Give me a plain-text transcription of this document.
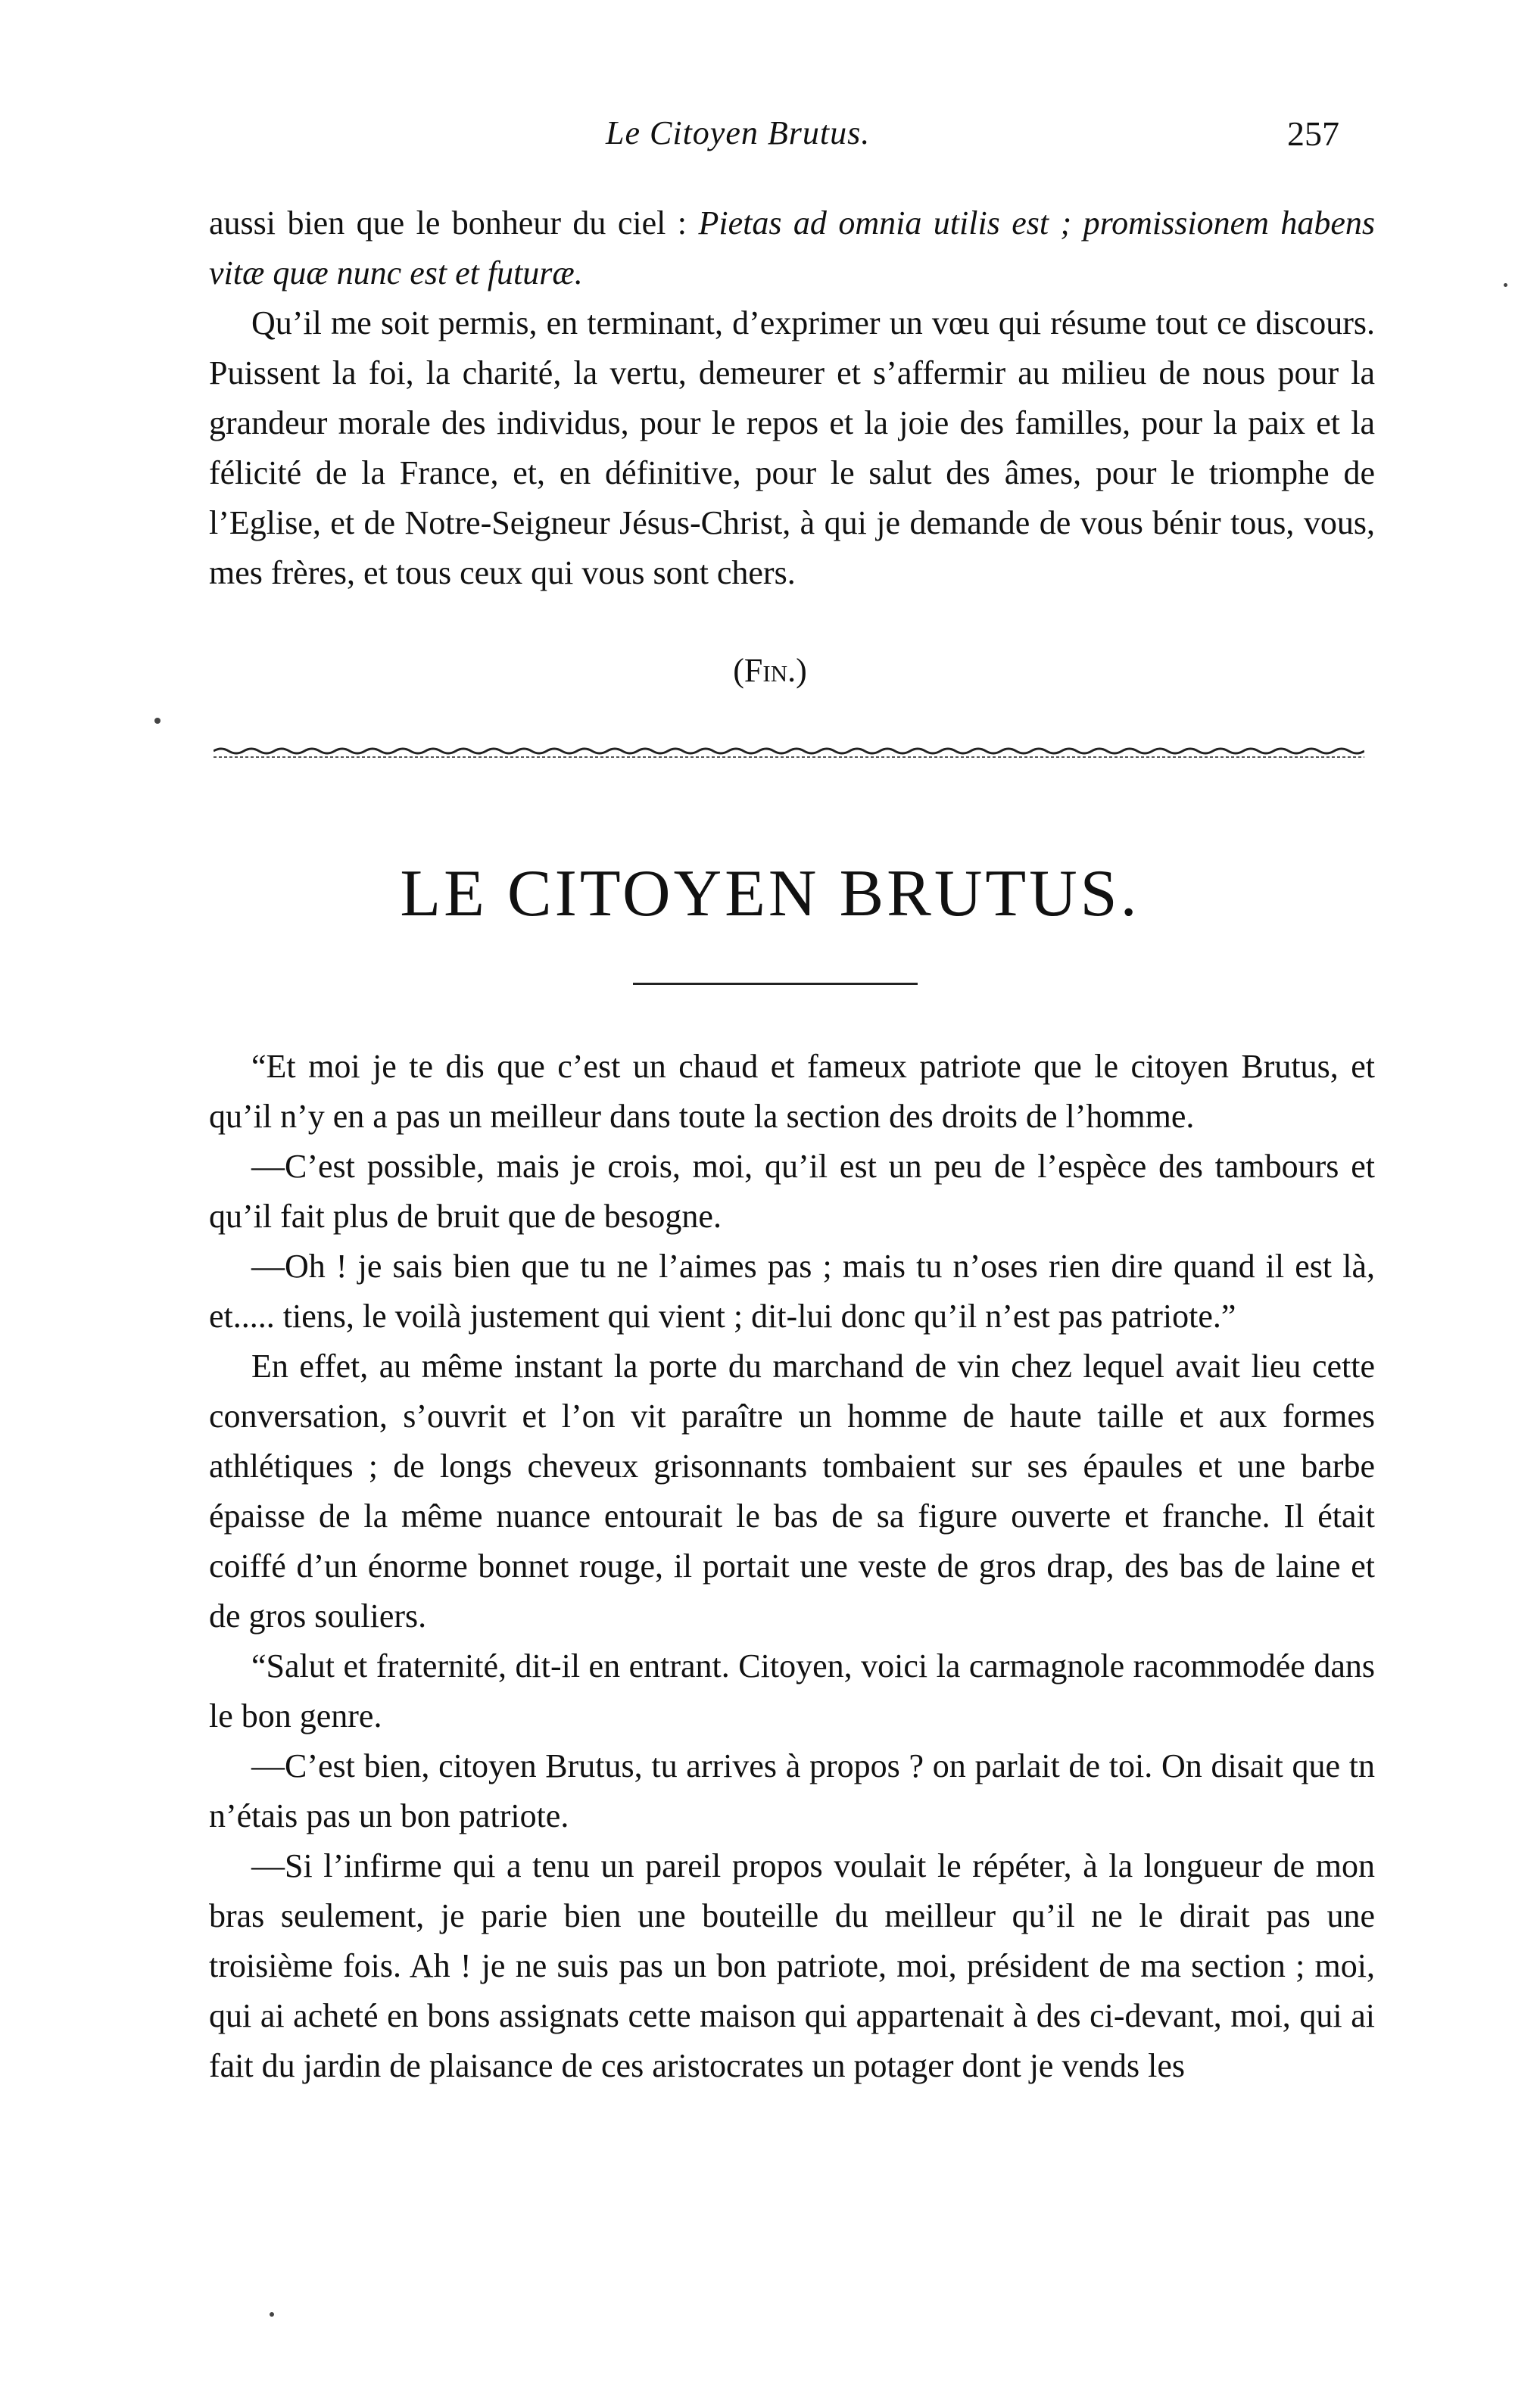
Le Citoyen Brutus.	257

aussi bien que le bonheur du ciel : Pietas ad omnia utilis est ; promissionem habens vitæ quæ nunc est et futuræ.

Qu’il me soit permis, en terminant, d’exprimer un vœu qui résume tout ce discours. Puissent la foi, la charité, la vertu, demeurer et s’affermir au milieu de nous pour la grandeur morale des individus, pour le repos et la joie des familles, pour la paix et la félicité de la France, et, en définitive, pour le salut des âmes, pour le triomphe de l’Eglise, et de Notre-Seigneur Jésus-Christ, à qui je demande de vous bénir tous, vous, mes frères, et tous ceux qui vous sont chers.

(Fin.)
LE CITOYEN BRUTUS.

“Et moi je te dis que c’est un chaud et fameux patriote que le citoyen Brutus, et qu’il n’y en a pas un meilleur dans toute la section des droits de l’homme.

—C’est possible, mais je crois, moi, qu’il est un peu de l’espèce des tambours et qu’il fait plus de bruit que de besogne.

—Oh ! je sais bien que tu ne l’aimes pas ; mais tu n’oses rien dire quand il est là, et..... tiens, le voilà justement qui vient ; dit-lui donc qu’il n’est pas patriote.”

En effet, au même instant la porte du marchand de vin chez lequel avait lieu cette conversation, s’ouvrit et l’on vit paraître un homme de haute taille et aux formes athlétiques ; de longs cheveux grisonnants tombaient sur ses épaules et une barbe épaisse de la même nuance entourait le bas de sa figure ouverte et franche. Il était coiffé d’un énorme bonnet rouge, il portait une veste de gros drap, des bas de laine et de gros souliers.

“Salut et fraternité, dit-il en entrant. Citoyen, voici la carmagnole racommodée dans le bon genre.

—C’est bien, citoyen Brutus, tu arrives à propos ? on parlait de toi. On disait que tn n’étais pas un bon patriote.

—Si l’infirme qui a tenu un pareil propos voulait le répéter, à la longueur de mon bras seulement, je parie bien une bouteille du meilleur qu’il ne le dirait pas une troisième fois. Ah ! je ne suis pas un bon patriote, moi, président de ma section ; moi, qui ai acheté en bons assignats cette maison qui appartenait à des ci-devant, moi, qui ai fait du jardin de plaisance de ces aristocrates un potager dont je vends les
